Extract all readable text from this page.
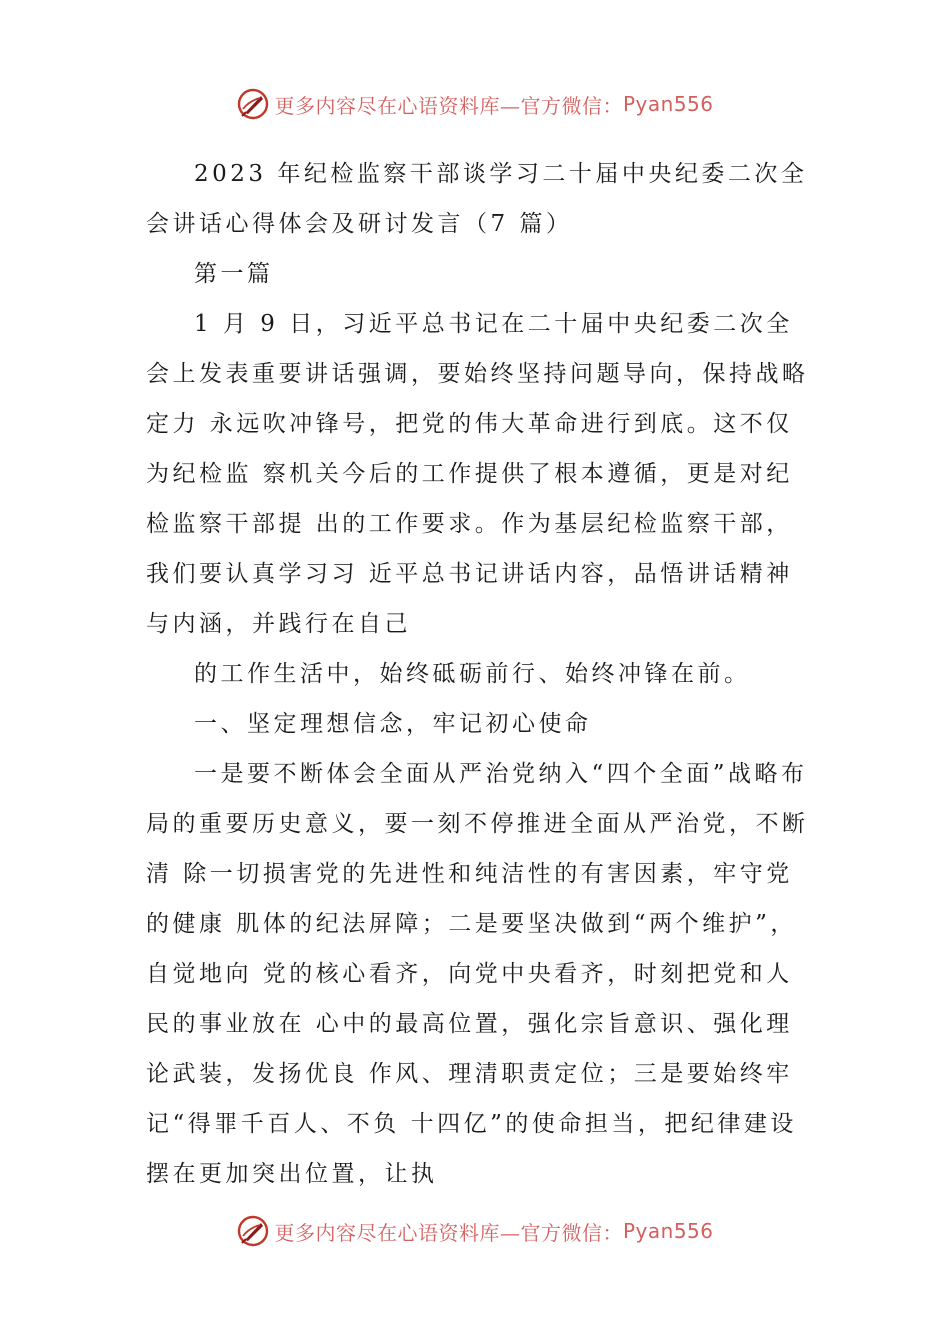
更多内容尽在心语资料库—官方微信： Pyan556

2023 年纪检监察干部谈学习二十届中央纪委二次全会讲话心得体会及研讨发言（7 篇）

第一篇

1 月 9 日，习近平总书记在二十届中央纪委二次全会上发表重要讲话强调，要始终坚持问题导向，保持战略定力 永远吹冲锋号，把党的伟大革命进行到底。这不仅为纪检监 察机关今后的工作提供了根本遵循，更是对纪检监察干部提 出的工作要求。作为基层纪检监察干部，我们要认真学习习 近平总书记讲话内容，品悟讲话精神与内涵，并践行在自己

的工作生活中，始终砥砺前行、始终冲锋在前。

一、坚定理想信念，牢记初心使命

一是要不断体会全面从严治党纳入“四个全面”战略布 局的重要历史意义，要一刻不停推进全面从严治党，不断清 除一切损害党的先进性和纯洁性的有害因素，牢守党的健康 肌体的纪法屏障；二是要坚决做到“两个维护”，自觉地向 党的核心看齐，向党中央看齐，时刻把党和人民的事业放在 心中的最高位置，强化宗旨意识、强化理论武装，发扬优良 作风、理清职责定位；三是要始终牢记“得罪千百人、不负 十四亿”的使命担当，把纪律建设摆在更加突出位置，让执

更多内容尽在心语资料库—官方微信： Pyan556
